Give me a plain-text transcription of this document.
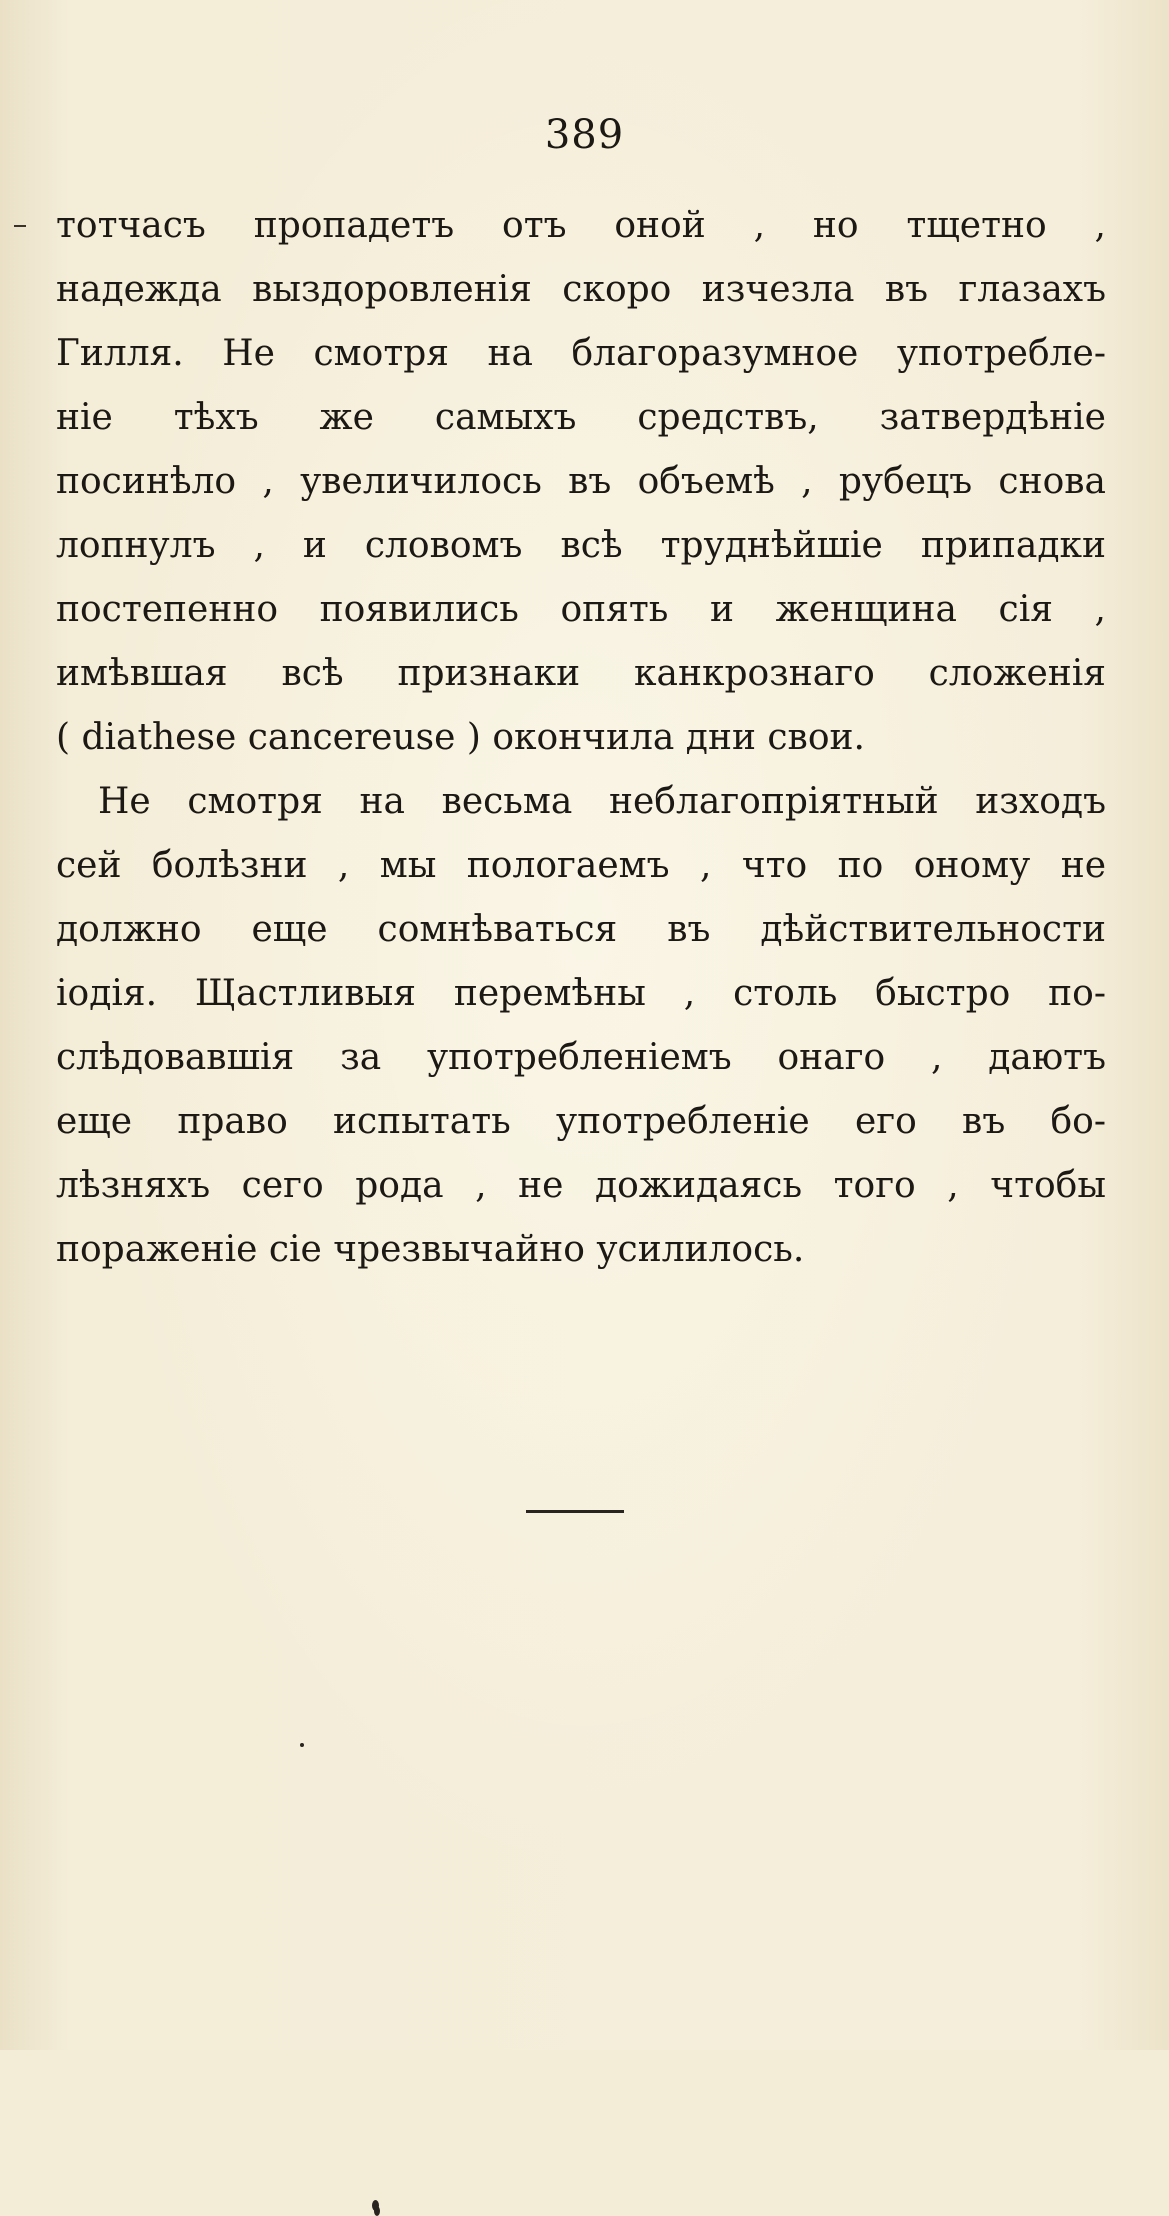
389
тотчасъ пропадетъ отъ оной , но тщетно ,
надежда выздоровленія скоро изчезла въ глазахъ
Гилля. Не смотря на благоразумное употребле-
ніе тѣхъ же самыхъ средствъ, затвердѣніе
посинѣло , увеличилось въ объемѣ , рубецъ снова
лопнулъ , и словомъ всѣ труднѣйшіе припадки
постепенно появились опять и женщина сія ,
имѣвшая всѣ признаки канкрознаго сложенія
( diathese cancereuse ) окончила дни свои.
Не смотря на весьма неблагопріятный изходъ
сей болѣзни , мы пологаемъ , что по оному не
должно еще сомнѣваться въ дѣйствительности
іодія. Щастливыя перемѣны , столь быстро по-
слѣдовавшія за употребленіемъ онаго , даютъ
еще право испытать употребленіе его въ бо-
лѣзняхъ сего рода , не дожидаясь того , чтобы
пораженіе сіе чрезвычайно усилилось.
